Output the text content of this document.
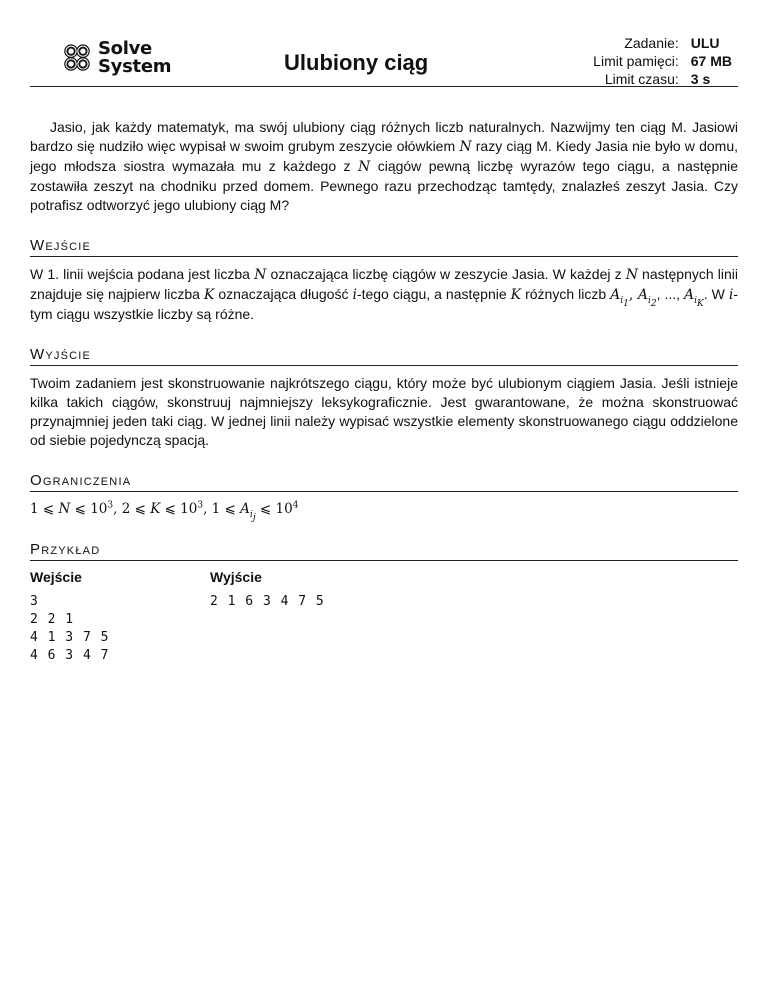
Solve
System	Ulubiony ciąg
Zadanie:	ULU
Limit pamięci:	67 MB
Limit czasu:	3 s

Jasio, jak każdy matematyk, ma swój ulubiony ciąg różnych liczb naturalnych. Nazwijmy ten ciąg M. Jasiowi bardzo się nudziło więc wypisał w swoim grubym zeszycie ołówkiem N razy ciąg M. Kiedy Jasia nie było w domu, jego młodsza siostra wymazała mu z każdego z N ciągów pewną liczbę wyrazów tego ciągu, a następnie zostawiła zeszyt na chodniku przed domem. Pewnego razu przechodząc tamtędy, znalazłeś zeszyt Jasia. Czy potrafisz odtworzyć jego ulubiony ciąg M?

Wejście

W 1. linii wejścia podana jest liczba N oznaczająca liczbę ciągów w zeszycie Jasia. W każdej z N następnych linii znajduje się najpierw liczba K oznaczająca długość i-tego ciągu, a następnie K różnych liczb $A_{i_1}$, $A_{i_2}$, ..., $A_{i_K}$. W i-tym ciągu wszystkie liczby są różne.

Wyjście

Twoim zadaniem jest skonstruowanie najkrótszego ciągu, który może być ulubionym ciągiem Jasia. Jeśli istnieje kilka takich ciągów, skonstruuj najmniejszy leksykograficznie. Jest gwarantowane, że można skonstruować przynajmniej jeden taki ciąg. W jednej linii należy wypisać wszystkie elementy skonstruowanego ciągu oddzielone od siebie pojedynczą spacją.

Ograniczenia

1 ⩽ N ⩽ $10^3$, 2 ⩽ K ⩽ $10^3$, 1 ⩽ $A_{i_j}$ ⩽ $10^4$

Przykład
Wejście
3
2 2 1
4 1 3 7 5
4 6 3 4 7
Wyjście
2 1 6 3 4 7 5
